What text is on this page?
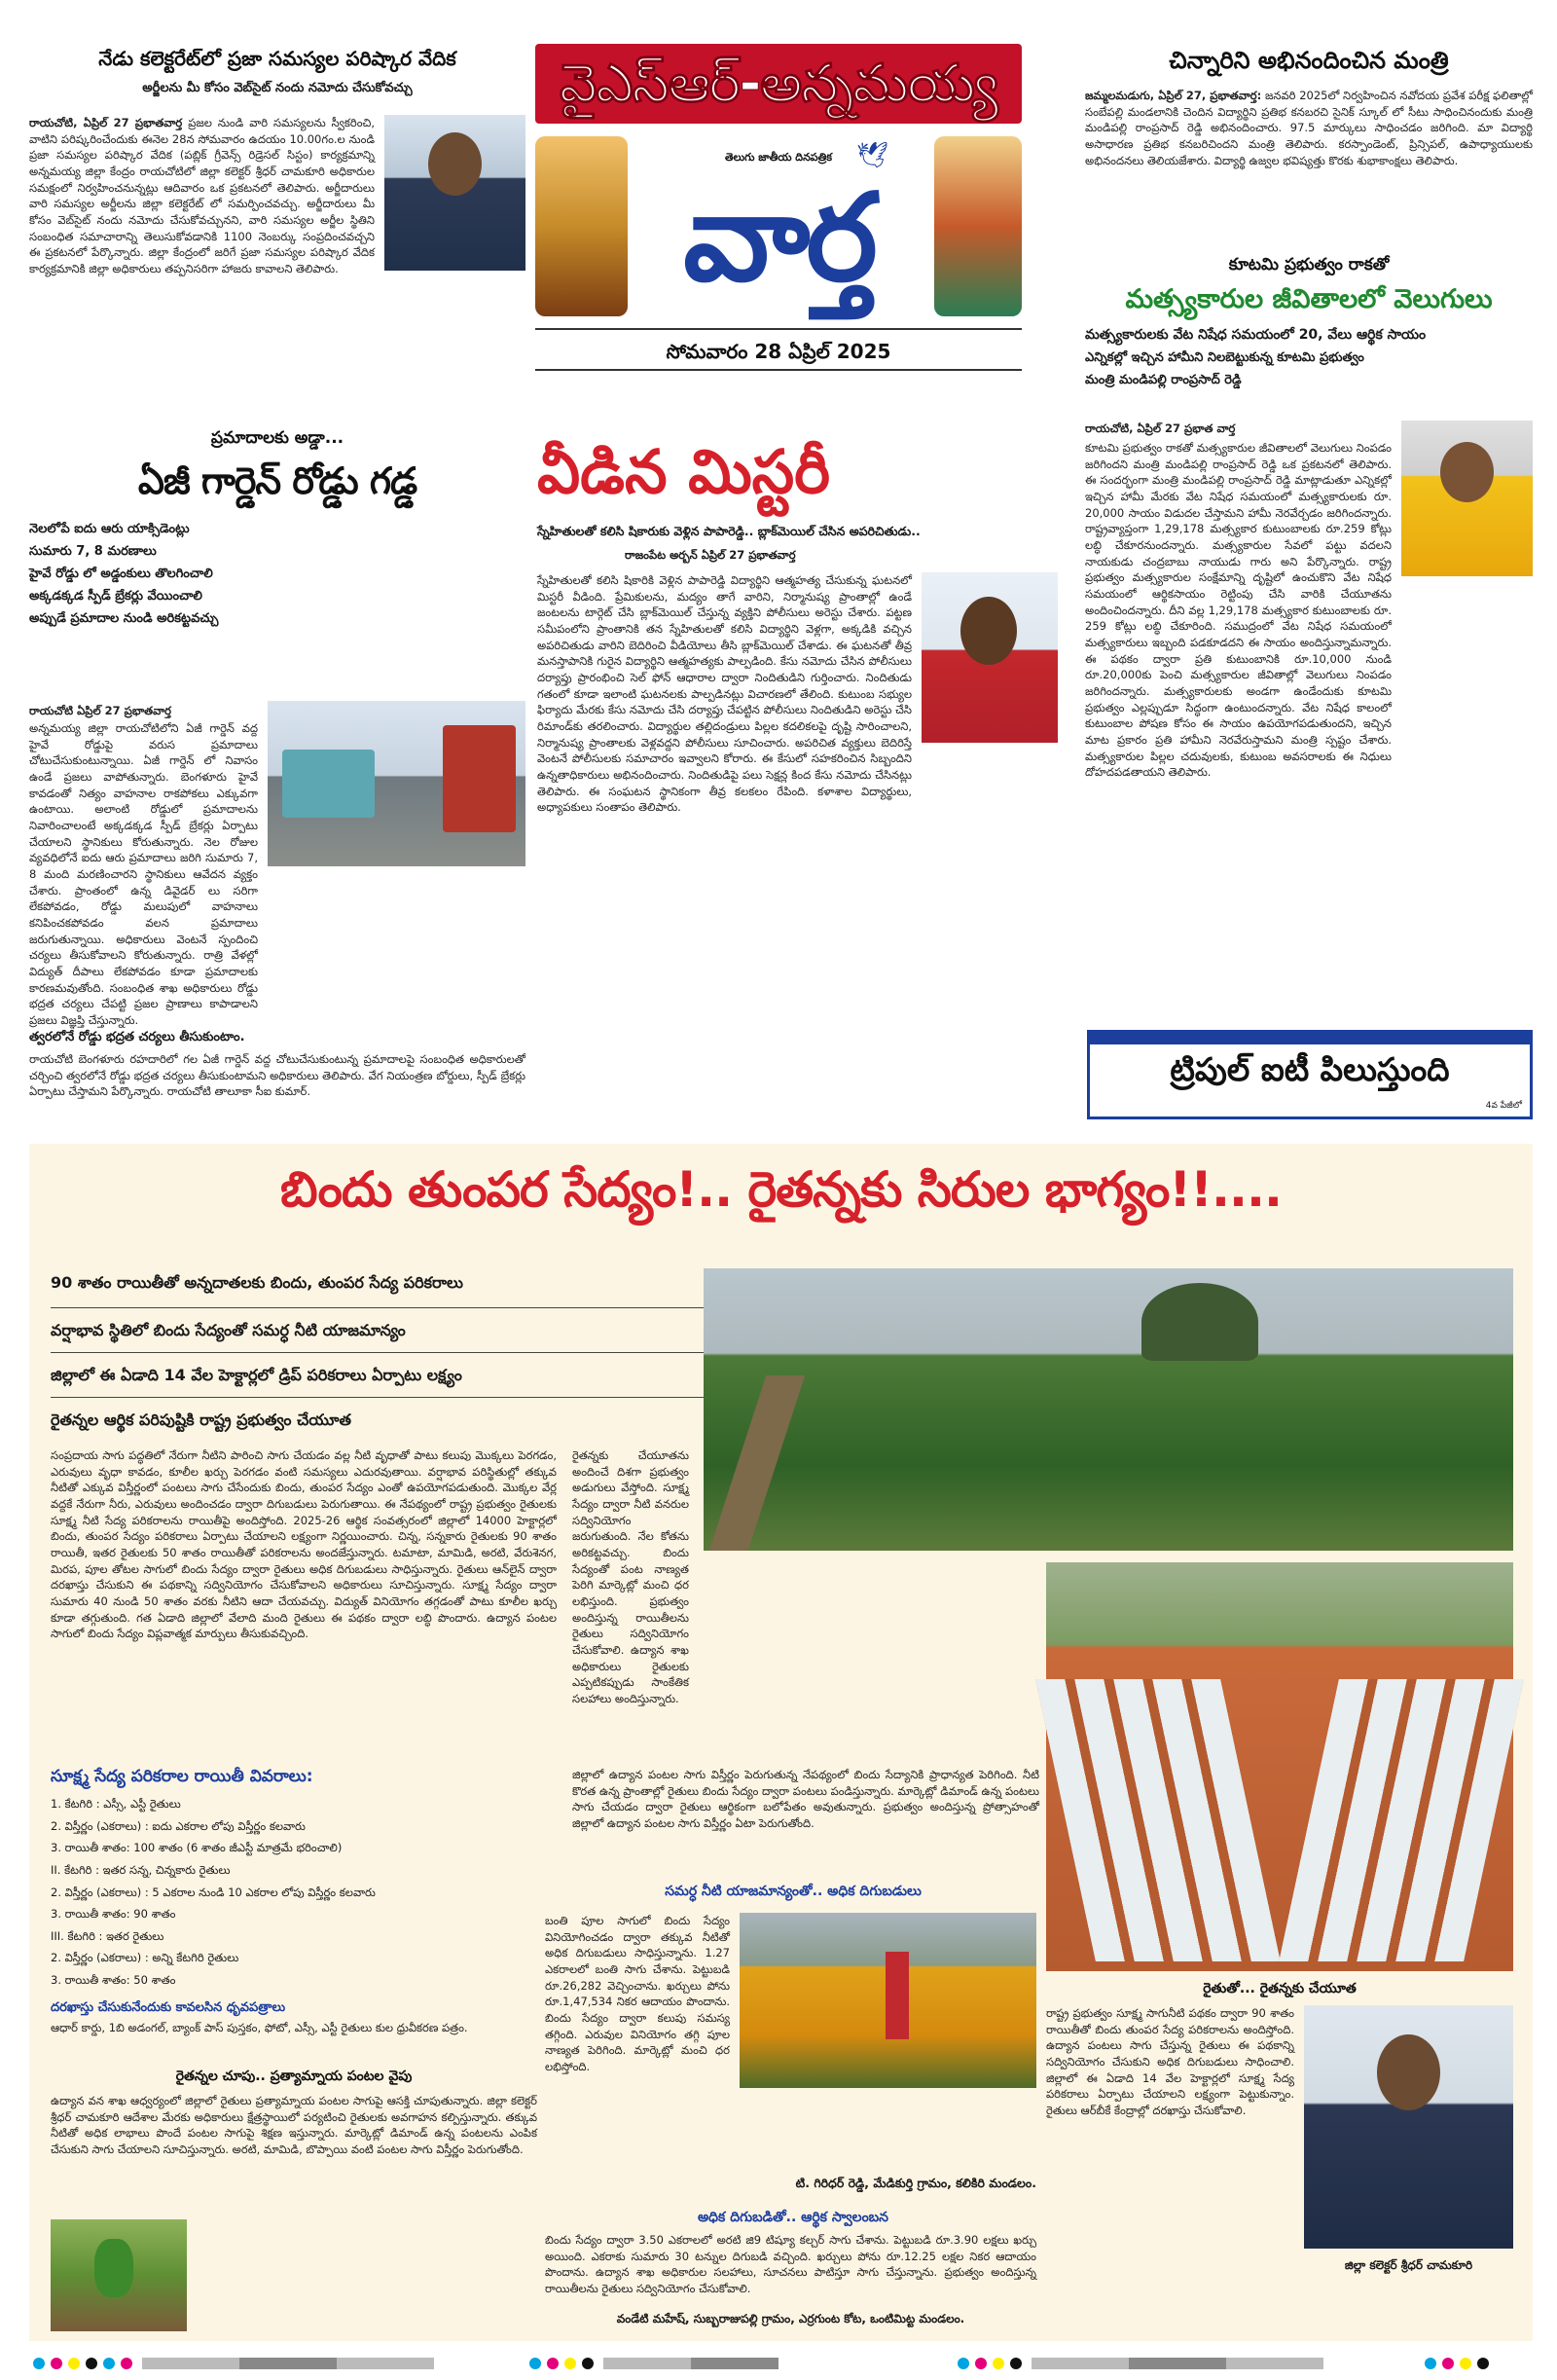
నేడు కలెక్టరేట్‌లో ప్రజా సమస్యల పరిష్కార వేదిక
అర్జీలను మీ కోసం వెబ్‌సైట్ నందు నమోదు చేసుకోవచ్చు
రాయచోటి, ఏప్రిల్ 27 ప్రభాతవార్త ప్రజల నుండి వారి సమస్యలను స్వీకరించి, వాటిని పరిష్కరించేందుకు ఈనెల 28న సోమవారం ఉదయం 10.00గం.ల నుండి ప్రజా సమస్యల పరిష్కార వేదిక (పబ్లిక్ గ్రీవెన్స్ రిడ్రెసల్ సిస్టం) కార్యక్రమాన్ని అన్నమయ్య జిల్లా కేంద్రం రాయచోటిలో జిల్లా కలెక్టర్ శ్రీధర్ చామకూరి అధికారుల సమక్షంలో నిర్వహించనున్నట్లు ఆదివారం ఒక ప్రకటనలో తెలిపారు. అర్జీదారులు వారి సమస్యల అర్జీలను జిల్లా కలెక్టరేట్ లో సమర్పించవచ్చు. అర్జీదారులు మీ కోసం వెబ్‌సైట్ నందు నమోదు చేసుకోవచ్చునని, వారి సమస్యల అర్జీల స్థితిని సంబంధిత సమాచారాన్ని తెలుసుకోవడానికి 1100 నెంబర్కు సంప్రదించవచ్చని ఈ ప్రకటనలో పేర్కొన్నారు. జిల్లా కేంద్రంలో జరిగే ప్రజా సమస్యల పరిష్కార వేదిక కార్యక్రమానికి జిల్లా అధికారులు తప్పనిసరిగా హాజరు కావాలని తెలిపారు.
వైఎస్ఆర్-అన్నమయ్య
తెలుగు జాతీయ దినపత్రిక 🕊
వార్త
సోమవారం 28 ఏప్రిల్ 2025
చిన్నారిని అభినందించిన మంత్రి
జమ్మలమడుగు, ఏప్రిల్ 27, ప్రభాతవార్త: జనవరి 2025లో నిర్వహించిన నవోదయ ప్రవేశ పరీక్ష ఫలితాల్లో సంబేపల్లి మండలానికి చెందిన విద్యార్థిని ప్రతిభ కనబరచి సైనిక్ స్కూల్ లో సీటు సాధించినందుకు మంత్రి మండిపల్లి రాంప్రసాద్ రెడ్డి అభినందించారు. 97.5 మార్కులు సాధించడం జరిగింది. మా విద్యార్థి అసాధారణ ప్రతిభ కనబరిచిందని మంత్రి తెలిపారు. కరస్పాండెంట్, ప్రిన్సిపల్, ఉపాధ్యాయులకు అభినందనలు తెలియజేశారు. విద్యార్థి ఉజ్వల భవిష్యత్తు కొరకు శుభాకాంక్షలు తెలిపారు.
కూటమి ప్రభుత్వం రాకతో
మత్స్యకారుల జీవితాలలో వెలుగులు
మత్స్యకారులకు వేట నిషేధ సమయంలో 20, వేలు ఆర్థిక సాయం
ఎన్నికల్లో ఇచ్చిన హామీని నిలబెట్టుకున్న కూటమి ప్రభుత్వం
మంత్రి మండిపల్లి రాంప్రసాద్ రెడ్డి
రాయచోటి, ఏప్రిల్ 27 ప్రభాత వార్త
కూటమి ప్రభుత్వం రాకతో మత్స్యకారుల జీవితాలలో వెలుగులు నింపడం జరిగిందని మంత్రి మండిపల్లి రాంప్రసాద్ రెడ్డి ఒక ప్రకటనలో తెలిపారు. ఈ సందర్భంగా మంత్రి మండిపల్లి రాంప్రసాద్ రెడ్డి మాట్లాడుతూ ఎన్నికల్లో ఇచ్చిన హామీ మేరకు వేట నిషేధ సమయంలో మత్స్యకారులకు రూ. 20,000 సాయం విడుదల చేస్తామని హామీ నెరవేర్చడం జరిగిందన్నారు. రాష్ట్రవ్యాప్తంగా 1,29,178 మత్స్యకార కుటుంబాలకు రూ.259 కోట్లు లబ్ధి చేకూరనుందన్నారు. మత్స్యకారుల సేవలో పట్టు వదలని నాయకుడు చంద్రబాబు నాయుడు గారు అని పేర్కొన్నారు. రాష్ట్ర ప్రభుత్వం మత్స్యకారుల సంక్షేమాన్ని దృష్టిలో ఉంచుకొని వేట నిషేధ సమయంలో ఆర్థికసాయం రెట్టింపు చేసి వారికి చేయూతను అందించిందన్నారు. దీని వల్ల 1,29,178 మత్స్యకార కుటుంబాలకు రూ. 259 కోట్లు లబ్ధి చేకూరింది. సముద్రంలో వేట నిషేధ సమయంలో మత్స్యకారులు ఇబ్బంది పడకూడదని ఈ సాయం అందిస్తున్నామన్నారు. ఈ పథకం ద్వారా ప్రతి కుటుంబానికి రూ.10,000 నుండి రూ.20,000కు పెంచి మత్స్యకారుల జీవితాల్లో వెలుగులు నింపడం జరిగిందన్నారు. మత్స్యకారులకు అండగా ఉండేందుకు కూటమి ప్రభుత్వం ఎల్లప్పుడూ సిద్ధంగా ఉంటుందన్నారు. వేట నిషేధ కాలంలో కుటుంబాల పోషణ కోసం ఈ సాయం ఉపయోగపడుతుందని, ఇచ్చిన మాట ప్రకారం ప్రతి హామీని నెరవేరుస్తామని మంత్రి స్పష్టం చేశారు. మత్స్యకారుల పిల్లల చదువులకు, కుటుంబ అవసరాలకు ఈ నిధులు దోహదపడతాయని తెలిపారు.
ప్రమాదాలకు అడ్డా...
ఏజీ గార్డెన్ రోడ్డు గడ్డ
నెలలోపే ఐదు ఆరు యాక్సిడెంట్లు
సుమారు 7, 8 మరణాలు
హైవే రోడ్డు లో అడ్డంకులు తొలగించాలి
అక్కడక్కడ స్పీడ్ బ్రేకర్లు వేయించాలి
అప్పుడే ప్రమాదాల నుండి అరికట్టవచ్చు
రాయచోటి ఏప్రిల్ 27 ప్రభాతవార్త
అన్నమయ్య జిల్లా రాయచోటిలోని ఏజీ గార్డెన్ వద్ద హైవే రోడ్డుపై వరుస ప్రమాదాలు చోటుచేసుకుంటున్నాయి. ఏజీ గార్డెన్ లో నివాసం ఉండే ప్రజలు వాపోతున్నారు. బెంగళూరు హైవే కావడంతో నిత్యం వాహనాల రాకపోకలు ఎక్కువగా ఉంటాయి. అలాంటి రోడ్డులో ప్రమాదాలను నివారించాలంటే అక్కడక్కడ స్పీడ్ బ్రేకర్లు ఏర్పాటు చేయాలని స్థానికులు కోరుతున్నారు. నెల రోజుల వ్యవధిలోనే ఐదు ఆరు ప్రమాదాలు జరిగి సుమారు 7, 8 మంది మరణించారని స్థానికులు ఆవేదన వ్యక్తం చేశారు. ప్రాంతంలో ఉన్న డివైడర్ లు సరిగా లేకపోవడం, రోడ్డు మలుపులో వాహనాలు కనిపించకపోవడం వలన ప్రమాదాలు జరుగుతున్నాయి. అధికారులు వెంటనే స్పందించి చర్యలు తీసుకోవాలని కోరుతున్నారు. రాత్రి వేళల్లో విద్యుత్ దీపాలు లేకపోవడం కూడా ప్రమాదాలకు కారణమవుతోంది. సంబంధిత శాఖ అధికారులు రోడ్డు భద్రత చర్యలు చేపట్టి ప్రజల ప్రాణాలు కాపాడాలని ప్రజలు విజ్ఞప్తి చేస్తున్నారు.
త్వరలోనే రోడ్డు భద్రత చర్యలు తీసుకుంటాం.
రాయచోటి బెంగళూరు రహదారిలో గల ఏజీ గార్డెన్ వద్ద చోటుచేసుకుంటున్న ప్రమాదాలపై సంబంధిత అధికారులతో చర్చించి త్వరలోనే రోడ్డు భద్రత చర్యలు తీసుకుంటామని అధికారులు తెలిపారు. వేగ నియంత్రణ బోర్డులు, స్పీడ్ బ్రేకర్లు ఏర్పాటు చేస్తామని పేర్కొన్నారు. రాయచోటి తాలూకా సీఐ కుమార్.
వీడిన మిస్టరీ
స్నేహితులతో కలిసి షికారుకు వెళ్లిన పాపారెడ్డి.. బ్లాక్‌మెయిల్ చేసిన అపరిచితుడు..
రాజంపేట అర్బన్ ఏప్రిల్ 27 ప్రభాతవార్త
స్నేహితులతో కలిసి షికారికి వెళ్లిన పాపారెడ్డి విద్యార్థిని ఆత్మహత్య చేసుకున్న ఘటనలో మిస్టరీ వీడింది. ప్రేమికులను, మద్యం తాగే వారిని, నిర్మానుష్య ప్రాంతాల్లో ఉండే జంటలను టార్గెట్ చేసి బ్లాక్‌మెయిల్ చేస్తున్న వ్యక్తిని పోలీసులు అరెస్టు చేశారు. పట్టణ సమీపంలోని ప్రాంతానికి తన స్నేహితులతో కలిసి విద్యార్థిని వెళ్లగా, అక్కడికి వచ్చిన అపరిచితుడు వారిని బెదిరించి వీడియోలు తీసి బ్లాక్‌మెయిల్ చేశాడు. ఈ ఘటనతో తీవ్ర మనస్తాపానికి గురైన విద్యార్థిని ఆత్మహత్యకు పాల్పడింది. కేసు నమోదు చేసిన పోలీసులు దర్యాప్తు ప్రారంభించి సెల్ ఫోన్ ఆధారాల ద్వారా నిందితుడిని గుర్తించారు. నిందితుడు గతంలో కూడా ఇలాంటి ఘటనలకు పాల్పడినట్లు విచారణలో తేలింది. కుటుంబ సభ్యుల ఫిర్యాదు మేరకు కేసు నమోదు చేసి దర్యాప్తు చేపట్టిన పోలీసులు నిందితుడిని అరెస్టు చేసి రిమాండ్‌కు తరలించారు. విద్యార్థుల తల్లిదండ్రులు పిల్లల కదలికలపై దృష్టి సారించాలని, నిర్మానుష్య ప్రాంతాలకు వెళ్లవద్దని పోలీసులు సూచించారు. అపరిచిత వ్యక్తులు బెదిరిస్తే వెంటనే పోలీసులకు సమాచారం ఇవ్వాలని కోరారు. ఈ కేసులో సహకరించిన సిబ్బందిని ఉన్నతాధికారులు అభినందించారు. నిందితుడిపై పలు సెక్షన్ల కింద కేసు నమోదు చేసినట్లు తెలిపారు. ఈ సంఘటన స్థానికంగా తీవ్ర కలకలం రేపింది. కళాశాల విద్యార్థులు, అధ్యాపకులు సంతాపం తెలిపారు.
ట్రిపుల్ ఐటీ పిలుస్తుంది
4వ పేజీలో
బిందు తుంపర సేద్యం!.. రైతన్నకు సిరుల భాగ్యం!!....
90 శాతం రాయితీతో అన్నదాతలకు బిందు, తుంపర సేద్య పరికరాలు
వర్షాభావ స్థితిలో బిందు సేద్యంతో సమర్ధ నీటి యాజమాన్యం
జిల్లాలో ఈ ఏడాది 14 వేల హెక్టార్లలో డ్రిప్ పరికరాలు ఏర్పాటు లక్ష్యం
రైతన్నల ఆర్థిక పరిపుష్టికి రాష్ట్ర ప్రభుత్వం చేయూత
సంప్రదాయ సాగు పద్ధతిలో నేరుగా నీటిని పారించి సాగు చేయడం వల్ల నీటి వృధాతో పాటు కలుపు మొక్కలు పెరగడం, ఎరువులు వృధా కావడం, కూలీల ఖర్చు పెరగడం వంటి సమస్యలు ఎదురవుతాయి. వర్షాభావ పరిస్థితుల్లో తక్కువ నీటితో ఎక్కువ విస్తీర్ణంలో పంటలు సాగు చేసేందుకు బిందు, తుంపర సేద్యం ఎంతో ఉపయోగపడుతుంది. మొక్కల వేర్ల వద్దకే నేరుగా నీరు, ఎరువులు అందించడం ద్వారా దిగుబడులు పెరుగుతాయి. ఈ నేపథ్యంలో రాష్ట్ర ప్రభుత్వం రైతులకు సూక్ష్మ నీటి సేద్య పరికరాలను రాయితీపై అందిస్తోంది. 2025-26 ఆర్థిక సంవత్సరంలో జిల్లాలో 14000 హెక్టార్లలో బిందు, తుంపర సేద్యం పరికరాలు ఏర్పాటు చేయాలని లక్ష్యంగా నిర్ణయించారు. చిన్న, సన్నకారు రైతులకు 90 శాతం రాయితీ, ఇతర రైతులకు 50 శాతం రాయితీతో పరికరాలను అందజేస్తున్నారు. టమాటా, మామిడి, అరటి, వేరుశెనగ, మిరప, పూల తోటల సాగులో బిందు సేద్యం ద్వారా రైతులు అధిక దిగుబడులు సాధిస్తున్నారు. రైతులు ఆన్‌లైన్ ద్వారా దరఖాస్తు చేసుకుని ఈ పథకాన్ని సద్వినియోగం చేసుకోవాలని అధికారులు సూచిస్తున్నారు. సూక్ష్మ సేద్యం ద్వారా సుమారు 40 నుండి 50 శాతం వరకు నీటిని ఆదా చేయవచ్చు. విద్యుత్ వినియోగం తగ్గడంతో పాటు కూలీల ఖర్చు కూడా తగ్గుతుంది. గత ఏడాది జిల్లాలో వేలాది మంది రైతులు ఈ పథకం ద్వారా లబ్ధి పొందారు. ఉద్యాన పంటల సాగులో బిందు సేద్యం విప్లవాత్మక మార్పులు తీసుకువచ్చింది.
రైతన్నకు చేయూతను అందించే దిశగా ప్రభుత్వం అడుగులు వేస్తోంది. సూక్ష్మ సేద్యం ద్వారా నీటి వనరుల సద్వినియోగం జరుగుతుంది. నేల కోతను అరికట్టవచ్చు. బిందు సేద్యంతో పంట నాణ్యత పెరిగి మార్కెట్లో మంచి ధర లభిస్తుంది. ప్రభుత్వం అందిస్తున్న రాయితీలను రైతులు సద్వినియోగం చేసుకోవాలి. ఉద్యాన శాఖ అధికారులు రైతులకు ఎప్పటికప్పుడు సాంకేతిక సలహాలు అందిస్తున్నారు.
జిల్లాలో ఉద్యాన పంటల సాగు విస్తీర్ణం పెరుగుతున్న నేపథ్యంలో బిందు సేద్యానికి ప్రాధాన్యత పెరిగింది. నీటి కొరత ఉన్న ప్రాంతాల్లో రైతులు బిందు సేద్యం ద్వారా పంటలు పండిస్తున్నారు. మార్కెట్లో డిమాండ్ ఉన్న పంటలు సాగు చేయడం ద్వారా రైతులు ఆర్థికంగా బలోపేతం అవుతున్నారు. ప్రభుత్వం అందిస్తున్న ప్రోత్సాహంతో జిల్లాలో ఉద్యాన పంటల సాగు విస్తీర్ణం ఏటా పెరుగుతోంది.
సూక్ష్మ సేద్య పరికరాల రాయితీ వివరాలు:
1. కేటగిరి : ఎస్సీ, ఎస్టీ రైతులు
2. విస్తీర్ణం (ఎకరాలు) : ఐదు ఎకరాల లోపు విస్తీర్ణం కలవారు
3. రాయితీ శాతం: 100 శాతం (6 శాతం జీఎస్టీ మాత్రమే భరించాలి)
II. కేటగిరి : ఇతర సన్న, చిన్నకారు రైతులు
2. విస్తీర్ణం (ఎకరాలు) : 5 ఎకరాల నుండి 10 ఎకరాల లోపు విస్తీర్ణం కలవారు
3. రాయితీ శాతం: 90 శాతం
III. కేటగిరి : ఇతర రైతులు
2. విస్తీర్ణం (ఎకరాలు) : అన్ని కేటగిరి రైతులు
3. రాయితీ శాతం: 50 శాతం
దరఖాస్తు చేసుకునేందుకు కావలసిన ధృవపత్రాలు
ఆధార్ కార్డు, 1బి అడంగల్, బ్యాంక్ పాస్ పుస్తకం, ఫోటో, ఎస్సీ, ఎస్టీ రైతులు కుల ధ్రువీకరణ పత్రం.
రైతన్నల చూపు.. ప్రత్యామ్నాయ పంటల వైపు
ఉద్యాన వన శాఖ ఆధ్వర్యంలో జిల్లాలో రైతులు ప్రత్యామ్నాయ పంటల సాగుపై ఆసక్తి చూపుతున్నారు. జిల్లా కలెక్టర్ శ్రీధర్ చామకూరి ఆదేశాల మేరకు అధికారులు క్షేత్రస్థాయిలో పర్యటించి రైతులకు అవగాహన కల్పిస్తున్నారు. తక్కువ నీటితో అధిక లాభాలు పొందే పంటల సాగుపై శిక్షణ ఇస్తున్నారు. మార్కెట్లో డిమాండ్ ఉన్న పంటలను ఎంపిక చేసుకుని సాగు చేయాలని సూచిస్తున్నారు. అరటి, మామిడి, బొప్పాయి వంటి పంటల సాగు విస్తీర్ణం పెరుగుతోంది.
సమర్ధ నీటి యాజమాన్యంతో.. అధిక దిగుబడులు
బంతి పూల సాగులో బిందు సేద్యం వినియోగించడం ద్వారా తక్కువ నీటితో అధిక దిగుబడులు సాధిస్తున్నాను. 1.27 ఎకరాలలో బంతి సాగు చేశాను. పెట్టుబడి రూ.26,282 వెచ్చించాను. ఖర్చులు పోను రూ.1,47,534 నికర ఆదాయం పొందాను. బిందు సేద్యం ద్వారా కలుపు సమస్య తగ్గింది. ఎరువుల వినియోగం తగ్గి పూల నాణ్యత పెరిగింది. మార్కెట్లో మంచి ధర లభిస్తోంది.
టి. గిరిధర్ రెడ్డి, మేడికుర్తి గ్రామం, కలికిరి మండలం.
అధిక దిగుబడితో.. ఆర్థిక స్వాలంబన
బిందు సేద్యం ద్వారా 3.50 ఎకరాలలో అరటి జి9 టిష్యూ కల్చర్ సాగు చేశాను. పెట్టుబడి రూ.3.90 లక్షలు ఖర్చు అయింది. ఎకరాకు సుమారు 30 టన్నుల దిగుబడి వచ్చింది. ఖర్చులు పోను రూ.12.25 లక్షల నికర ఆదాయం పొందాను. ఉద్యాన శాఖ అధికారుల సలహాలు, సూచనలు పాటిస్తూ సాగు చేస్తున్నాను. ప్రభుత్వం అందిస్తున్న రాయితీలను రైతులు సద్వినియోగం చేసుకోవాలి.
వండేటి మహేష్, సుబ్బరాజుపల్లి గ్రామం, ఎర్రగుంట కోట, ఒంటిమిట్ట మండలం.
రైతుతో... రైతన్నకు చేయూత
రాష్ట్ర ప్రభుత్వం సూక్ష్మ సాగునీటి పథకం ద్వారా 90 శాతం రాయితీతో బిందు తుంపర సేద్య పరికరాలను అందిస్తోంది. ఉద్యాన పంటలు సాగు చేస్తున్న రైతులు ఈ పథకాన్ని సద్వినియోగం చేసుకుని అధిక దిగుబడులు సాధించాలి. జిల్లాలో ఈ ఏడాది 14 వేల హెక్టార్లలో సూక్ష్మ సేద్య పరికరాలు ఏర్పాటు చేయాలని లక్ష్యంగా పెట్టుకున్నాం. రైతులు ఆర్‌బీకే కేంద్రాల్లో దరఖాస్తు చేసుకోవాలి.
జిల్లా కలెక్టర్ శ్రీధర్ చామకూరి
